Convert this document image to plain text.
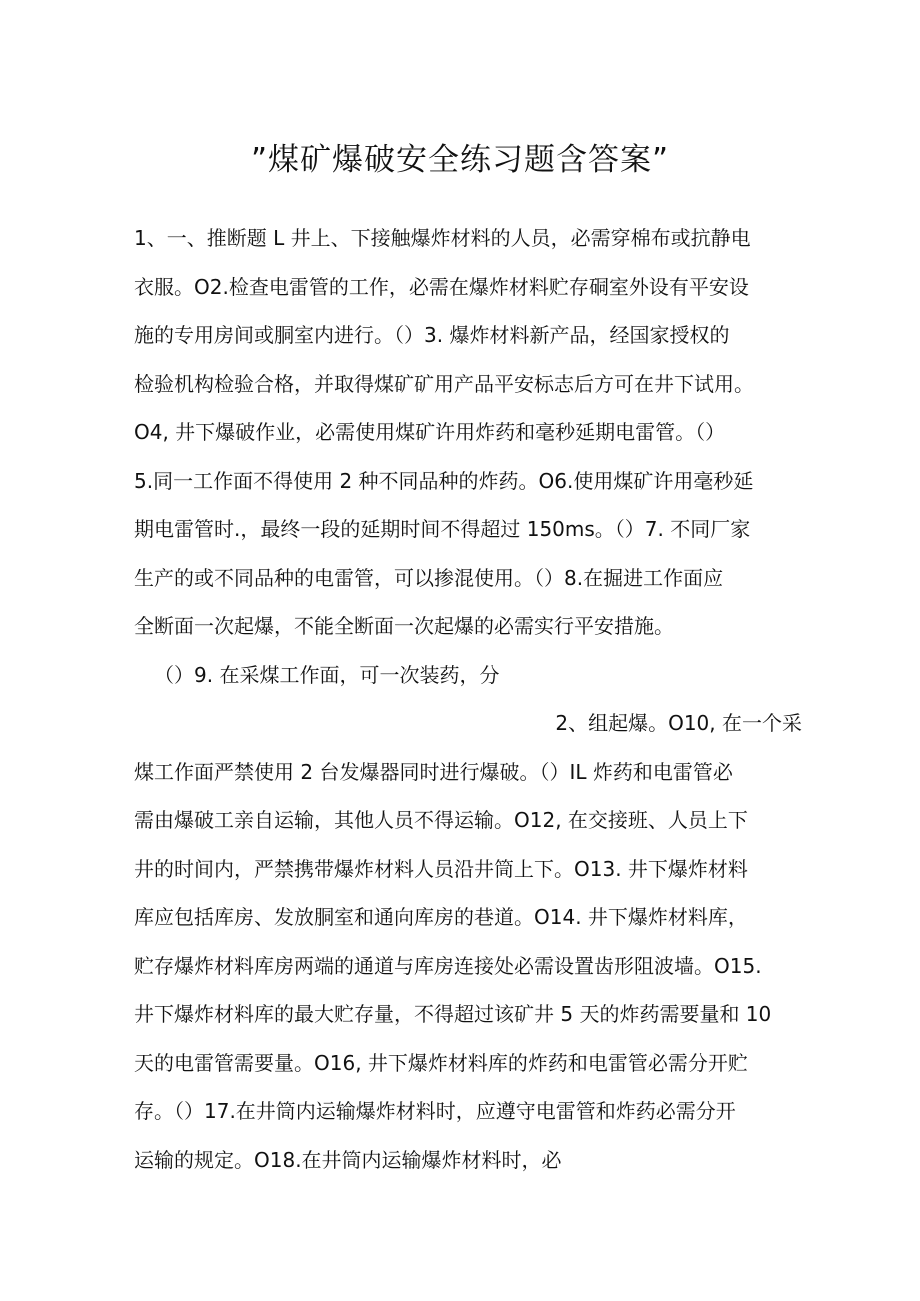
”煤矿爆破安全练习题含答案”
1、一、推断题 L 井上、下接触爆炸材料的人员，必需穿棉布或抗静电
衣服。O2.检查电雷管的工作，必需在爆炸材料贮存硐室外设有平安设
施的专用房间或胴室内进行。（）3. 爆炸材料新产品，经国家授权的
检验机构检验合格，并取得煤矿矿用产品平安标志后方可在井下试用。
O4, 井下爆破作业，必需使用煤矿许用炸药和毫秒延期电雷管。（）
5.同一工作面不得使用 2 种不同品种的炸药。O6.使用煤矿许用毫秒延
期电雷管时.，最终一段的延期时间不得超过 150ms。（）7. 不同厂家
生产的或不同品种的电雷管，可以掺混使用。（）8.在掘进工作面应
全断面一次起爆，不能全断面一次起爆的必需实行平安措施。
（）9. 在采煤工作面，可一次装药，分
2、组起爆。O10, 在一个采
煤工作面严禁使用 2 台发爆器同时进行爆破。（）IL 炸药和电雷管必
需由爆破工亲自运输，其他人员不得运输。O12, 在交接班、人员上下
井的时间内，严禁携带爆炸材料人员沿井筒上下。O13. 井下爆炸材料
库应包括库房、发放胴室和通向库房的巷道。O14. 井下爆炸材料库，
贮存爆炸材料库房两端的通道与库房连接处必需设置齿形阻波墙。O15.
井下爆炸材料库的最大贮存量，不得超过该矿井 5 天的炸药需要量和 10
天的电雷管需要量。O16, 井下爆炸材料库的炸药和电雷管必需分开贮
存。（）17.在井筒内运输爆炸材料时，应遵守电雷管和炸药必需分开
运输的规定。O18.在井筒内运输爆炸材料时，必
